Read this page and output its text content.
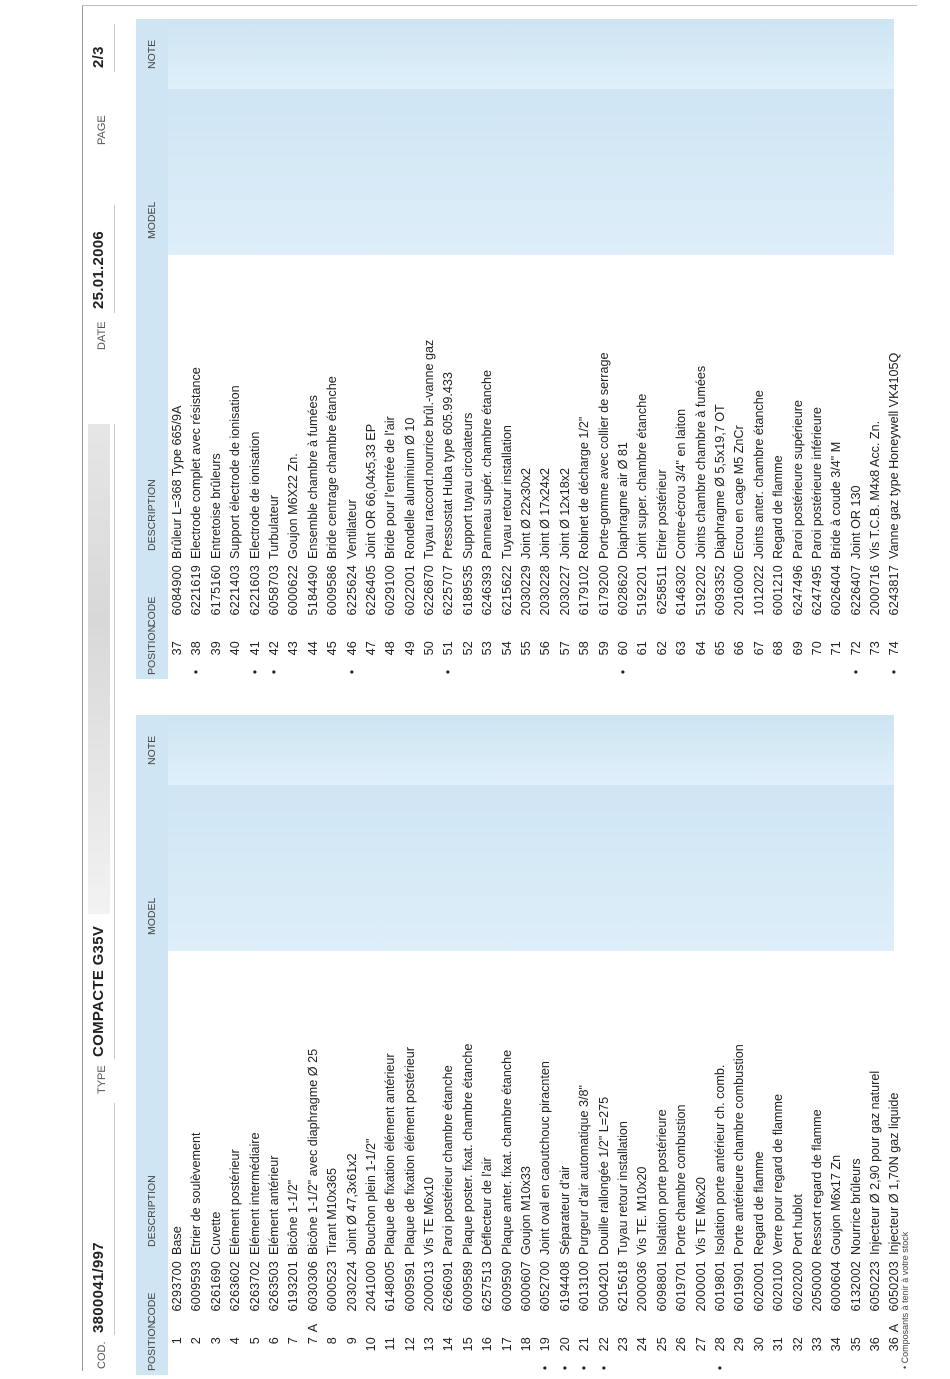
COD.
3800041/997
TYPE
COMPACTE G35V
DATE
25.01.2006
PAGE
2/3
POSITION
CODE
DESCRIPTION
MODEL
NOTE
1
6293700
Base
2
6009593
Etrier de soulèvement
3
6261690
Cuvette
4
6263602
Elément postérieur
5
6263702
Elément intermédiaire
6
6263503
Elément antérieur
7
6193201
Bicône 1-1/2"
7
A
6030306
Bicône 1-1/2" avec diaphragme Ø 25
8
6000523
Tirant M10x365
9
2030224
Joint Ø 47,3x61x2
10
2041000
Bouchon plein 1-1/2"
11
6148005
Plaque de fixation élément antérieur
12
6009591
Plaque de fixation élément postérieur
13
2000013
Vis TE M6x10
14
6266091
Paroi postérieur chambre étanche
15
6009589
Plaque poster. fixat. chambre étanche
16
6257513
Déflecteur de l'air
17
6009590
Plaque anter. fixat. chambre étanche
18
6000607
Goujon M10x33
•
19
6052700
Joint oval en caoutchouc piracnten
•
20
6194408
Séparateur d'air
•
21
6013100
Purgeur d'air automatique 3/8"
•
22
5004201
Douille rallongée 1/2" L=275
23
6215618
Tuyau retour installation
24
2000036
Vis TE. M10x20
25
6098801
Isolation porte postérieure
26
6019701
Porte chambre combustion
27
2000001
Vis TE M6x20
•
28
6019801
Isolation porte antérieur ch. comb.
29
6019901
Porte antérieure chambre combustion
30
6020001
Regard de flamme
31
6020100
Verre pour regard de flamme
32
6020200
Port hublot
33
2050000
Ressort regard de flamme
34
6000604
Goujon M6x17 Zn
35
6132002
Nourrice brûleurs
36
6050223
Injecteur Ø 2,90 pour gaz naturel
36
A
6050203
Injecteur Ø 1,70N gaz liquide
POSITION
CODE
DESCRIPTION
MODEL
NOTE
37
6084900
Brûleur L=368 Type 665/9A
•
38
6221619
Electrode complet avec résistance
39
6175160
Entretoise brûleurs
40
6221403
Support électrode de ionisation
•
41
6221603
Electrode de ionisation
•
42
6058703
Turbulateur
43
6000622
Goujon M6X22 Zn.
44
5184490
Ensemble chambre à fumées
45
6009586
Bride centrage chambre étanche
•
46
6225624
Ventilateur
47
6226405
Joint OR 66,04x5,33 EP
48
6029100
Bride pour l'entrée de l'air
49
6022001
Rondelle aluminium Ø 10
50
6226870
Tuyau raccord.nourrice brûl.-vanne gaz
•
51
6225707
Pressostat Huba type 605.99.433
52
6189535
Support tuyau circolateurs
53
6246393
Panneau supér. chambre étanche
54
6215622
Tuyau retour installation
55
2030229
Joint Ø 22x30x2
56
2030228
Joint Ø 17x24x2
57
2030227
Joint Ø 12x18x2
58
6179102
Robinet de décharge 1/2"
59
6179200
Porte-gomme avec collier de serrage
•
60
6028620
Diaphragme air Ø 81
61
5192201
Joint super. chambre étanche
62
6258511
Etrier postérieur
63
6146302
Contre-écrou 3/4" en laiton
64
5192202
Joints chambre chambre à fumées
65
6093352
Diaphragme Ø 5,5x19,7 OT
66
2016000
Ecrou en cage M5 ZnCr
67
1012022
Joints anter. chambre étanche
68
6001210
Regard de flamme
69
6247496
Paroi postérieure supérieure
70
6247495
Paroi postérieure inférieure
71
6026404
Bride à coude 3/4" M
•
72
6226407
Joint OR 130
73
2000716
Vis T.C.B. M4x8 Acc. Zn.
•
74
6243817
Vanne gaz type Honeywell VK4105Q
• Composants à tenir à votre stock
